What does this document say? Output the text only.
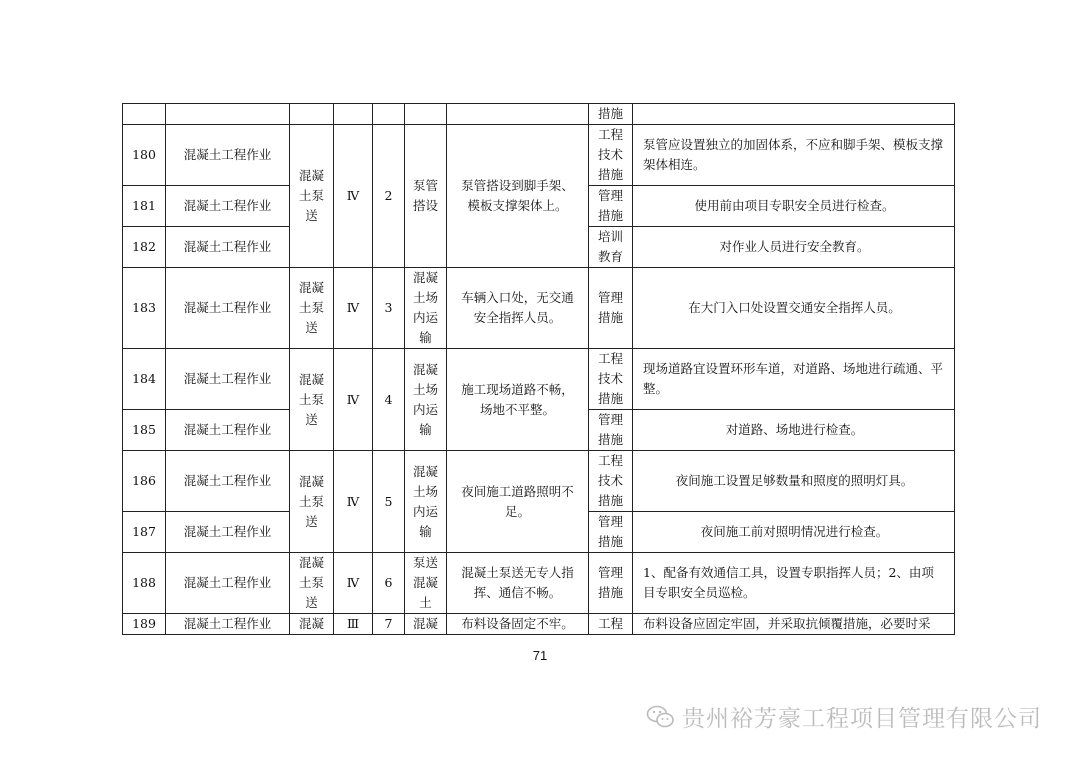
							措施	
180	混凝土工程作业	混凝
土泵
送	Ⅳ	2	泵管
搭设	泵管搭设到脚手架、模板支撑架体上。	工程
技术
措施	泵管应设置独立的加固体系，不应和脚手架、模板支撑架体相连。
181	混凝土工程作业						管理
措施	使用前由项目专职安全员进行检查。
182	混凝土工程作业						培训
教育	对作业人员进行安全教育。
183	混凝土工程作业	混凝
土泵
送	Ⅳ	3	混凝
土场
内运
输	车辆入口处，无交通安全指挥人员。	管理
措施	在大门入口处设置交通安全指挥人员。
184	混凝土工程作业	混凝
土泵
送	Ⅳ	4	混凝
土场
内运
输	施工现场道路不畅，场地不平整。	工程
技术
措施	现场道路宜设置环形车道，对道路、场地进行疏通、平整。
185	混凝土工程作业						管理
措施	对道路、场地进行检查。
186	混凝土工程作业	混凝
土泵
送	Ⅳ	5	混凝
土场
内运
输	夜间施工道路照明不足。	工程
技术
措施	夜间施工设置足够数量和照度的照明灯具。
187	混凝土工程作业						管理
措施	夜间施工前对照明情况进行检查。
188	混凝土工程作业	混凝
土泵
送	Ⅳ	6	泵送
混凝
土	混凝土泵送无专人指挥、通信不畅。	管理
措施	1、配备有效通信工具，设置专职指挥人员；2、由项目专职安全员巡检。
189	混凝土工程作业	混凝	Ⅲ	7	混凝	布料设备固定不牢。	工程	布料设备应固定牢固，并采取抗倾覆措施，必要时采
71
贵州裕芳豪工程项目管理有限公司
